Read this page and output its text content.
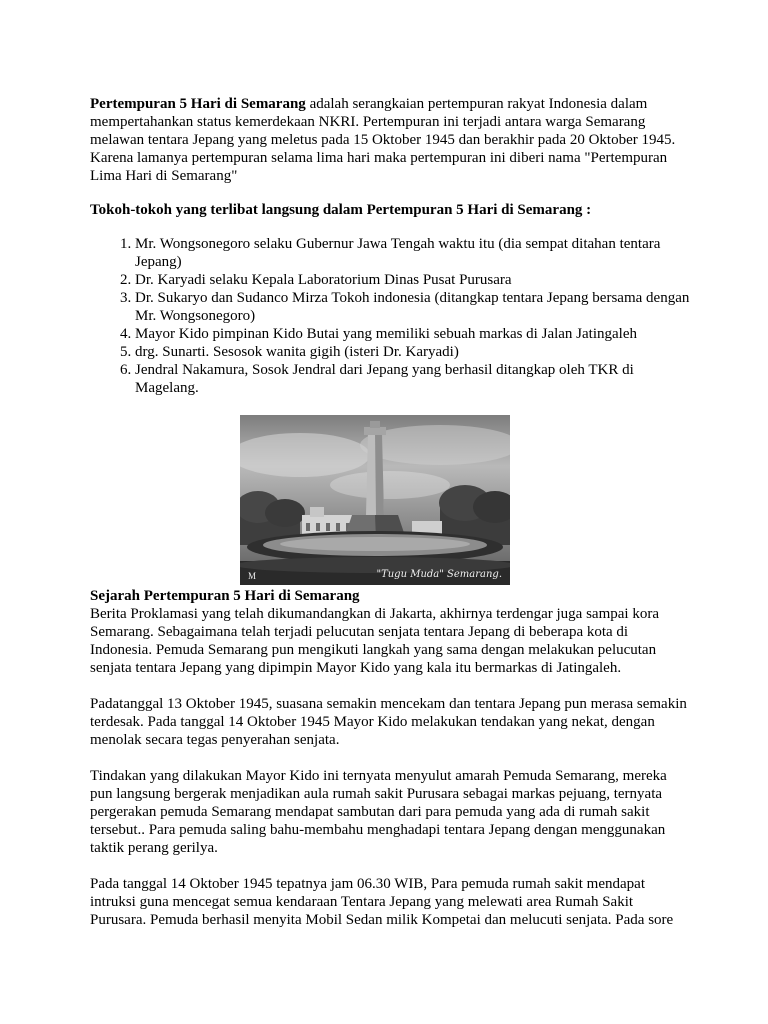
Pertempuran 5 Hari di Semarang adalah serangkaian pertempuran rakyat Indonesia dalam mempertahankan status kemerdekaan NKRI. Pertempuran ini terjadi antara warga Semarang melawan tentara Jepang yang meletus pada 15 Oktober 1945 dan berakhir pada 20 Oktober 1945. Karena lamanya pertempuran selama lima hari maka pertempuran ini diberi nama "Pertempuran Lima Hari di Semarang"

Tokoh-tokoh yang terlibat langsung dalam Pertempuran 5 Hari di Semarang :

1. Mr. Wongsonegoro selaku Gubernur Jawa Tengah waktu itu (dia sempat ditahan tentara Jepang)
2. Dr. Karyadi selaku Kepala Laboratorium Dinas Pusat Purusara
3. Dr. Sukaryo dan Sudanco Mirza Tokoh indonesia (ditangkap tentara Jepang bersama dengan Mr. Wongsonegoro)
4. Mayor Kido pimpinan Kido Butai yang memiliki sebuah markas di Jalan Jatingaleh
5. drg. Sunarti. Sesosok wanita gigih (isteri Dr. Karyadi)
6. Jendral Nakamura, Sosok Jendral dari Jepang yang berhasil ditangkap oleh TKR di Magelang.
M	"Tugu Muda" Semarang.

Sejarah Pertempuran 5 Hari di Semarang

Berita Proklamasi yang telah dikumandangkan di Jakarta, akhirnya terdengar juga sampai kora Semarang. Sebagaimana telah terjadi pelucutan senjata tentara Jepang di beberapa kota di Indonesia. Pemuda Semarang pun mengikuti langkah yang sama dengan melakukan pelucutan senjata tentara Jepang yang dipimpin Mayor Kido yang kala itu bermarkas di Jatingaleh.

Padatanggal 13 Oktober 1945, suasana semakin mencekam dan tentara Jepang pun merasa semakin terdesak. Pada tanggal 14 Oktober 1945 Mayor Kido melakukan tendakan yang nekat, dengan menolak secara tegas penyerahan senjata.

Tindakan yang dilakukan Mayor Kido ini ternyata menyulut amarah Pemuda Semarang, mereka pun langsung bergerak menjadikan aula rumah sakit Purusara sebagai markas pejuang, ternyata pergerakan pemuda Semarang mendapat sambutan dari para pemuda yang ada di rumah sakit tersebut.. Para pemuda saling bahu-membahu menghadapi tentara Jepang dengan menggunakan taktik perang gerilya.

Pada tanggal 14 Oktober 1945 tepatnya jam 06.30 WIB, Para pemuda rumah sakit mendapat intruksi guna mencegat semua kendaraan Tentara Jepang yang melewati area Rumah Sakit Purusara. Pemuda berhasil menyita Mobil Sedan milik Kompetai dan melucuti senjata. Pada sore
